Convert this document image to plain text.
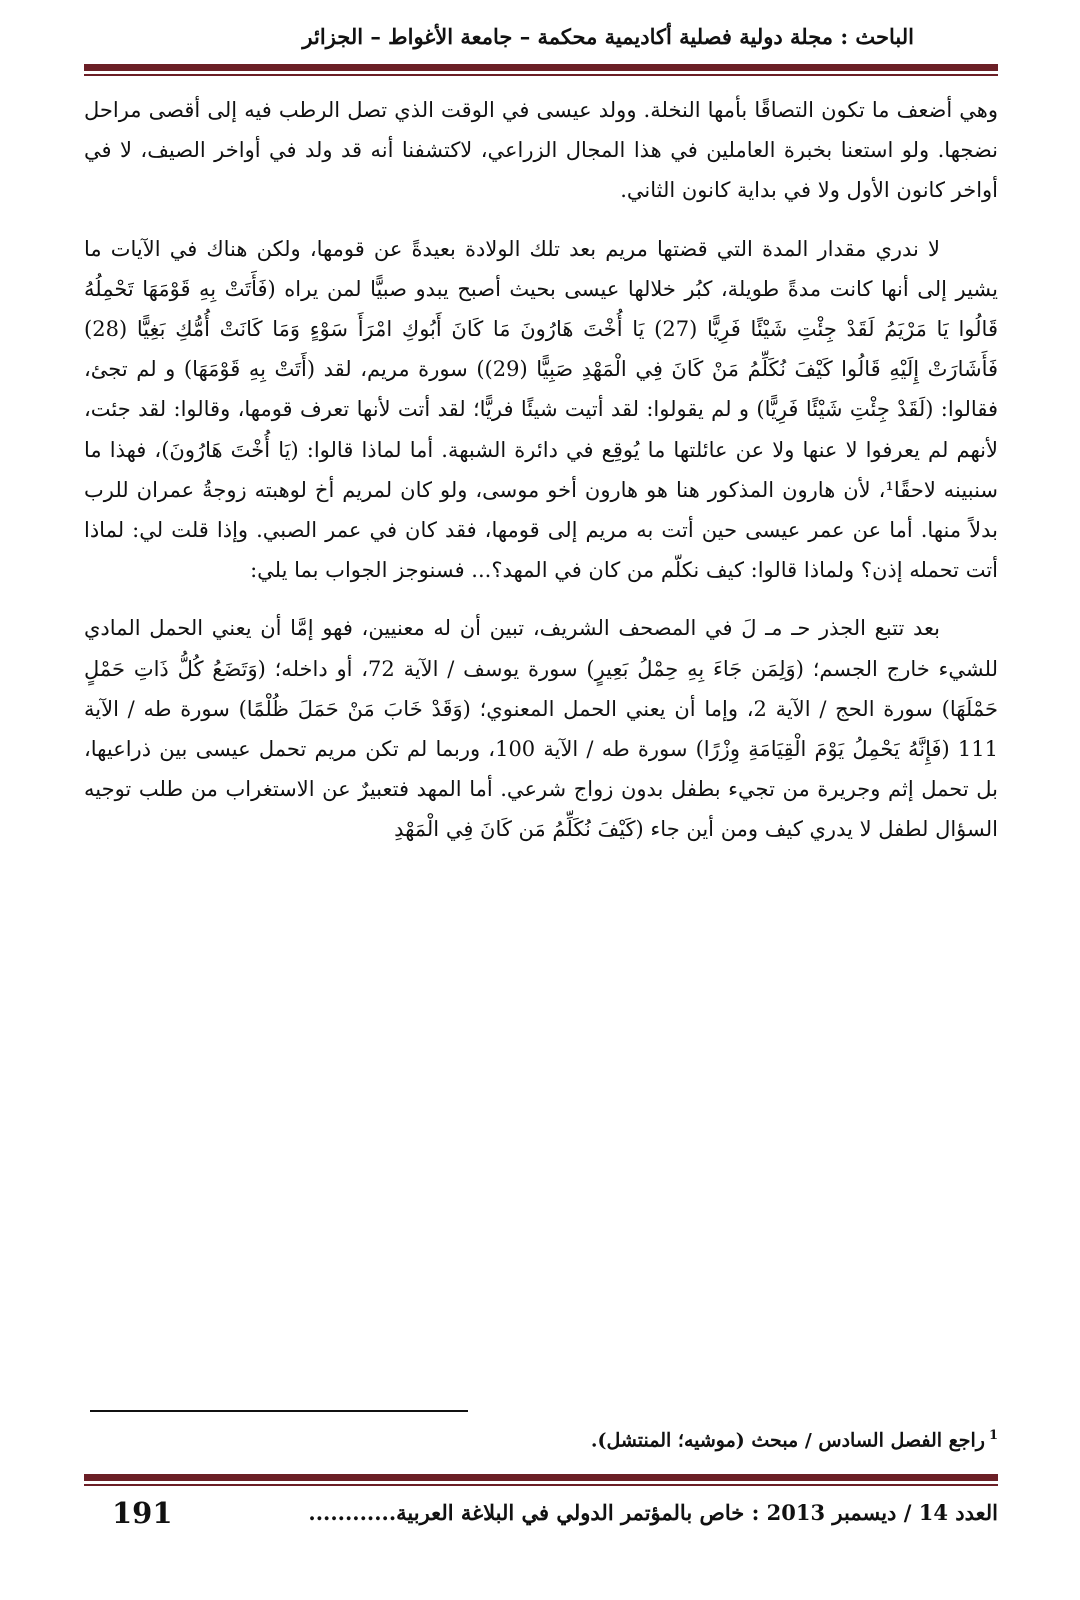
الباحث : مجلة دولية فصلية أكاديمية محكمة – جامعة الأغواط – الجزائر

وهي أضعف ما تكون التصاقًا بأمها النخلة. وولد عيسى في الوقت الذي تصل الرطب فيه إلى أقصى مراحل نضجها. ولو استعنا بخبرة العاملين في هذا المجال الزراعي، لاكتشفنا أنه قد ولد في أواخر الصيف، لا في أواخر كانون الأول ولا في بداية كانون الثاني.

لا ندري مقدار المدة التي قضتها مريم بعد تلك الولادة بعيدةً عن قومها، ولكن هناك في الآيات ما يشير إلى أنها كانت مدةً طويلة، كبُر خلالها عيسى بحيث أصبح يبدو صبيًّا لمن يراه (فَأَتَتْ بِهِ قَوْمَهَا تَحْمِلُهُ قَالُوا يَا مَرْيَمُ لَقَدْ جِئْتِ شَيْئًا فَرِيًّا (27) يَا أُخْتَ هَارُونَ مَا كَانَ أَبُوكِ امْرَأَ سَوْءٍ وَمَا كَانَتْ أُمُّكِ بَغِيًّا (28) فَأَشَارَتْ إِلَيْهِ قَالُوا كَيْفَ نُكَلِّمُ مَنْ كَانَ فِي الْمَهْدِ صَبِيًّا (29)) سورة مريم، لقد (أَتَتْ بِهِ قَوْمَهَا) و لم تجئ، فقالوا: (لَقَدْ جِئْتِ شَيْئًا فَرِيًّا) و لم يقولوا: لقد أتيت شيئًا فريًّا؛ لقد أتت لأنها تعرف قومها، وقالوا: لقد جئت، لأنهم لم يعرفوا لا عنها ولا عن عائلتها ما يُوقِع في دائرة الشبهة. أما لماذا قالوا: (يَا أُخْتَ هَارُونَ)، فهذا ما سنبينه لاحقًا¹، لأن هارون المذكور هنا هو هارون أخو موسى، ولو كان لمريم أخ لوهبته زوجةُ عمران للرب بدلاً منها. أما عن عمر عيسى حين أتت به مريم إلى قومها، فقد كان في عمر الصبي. وإذا قلت لي: لماذا أتت تحمله إذن؟ ولماذا قالوا: كيف نكلّم من كان في المهد؟... فسنوجز الجواب بما يلي:

بعد تتبع الجذر حـ مـ لَ في المصحف الشريف، تبين أن له معنيين، فهو إمَّا أن يعني الحمل المادي للشيء خارج الجسم؛ (وَلِمَن جَاءَ بِهِ حِمْلُ بَعِيرٍ) سورة يوسف / الآية 72، أو داخله؛ (وَتَضَعُ كُلُّ ذَاتِ حَمْلٍ حَمْلَهَا) سورة الحج / الآية 2، وإما أن يعني الحمل المعنوي؛ (وَقَدْ خَابَ مَنْ حَمَلَ ظُلْمًا) سورة طه / الآية 111 (فَإِنَّهُ يَحْمِلُ يَوْمَ الْقِيَامَةِ وِزْرًا) سورة طه / الآية 100، وربما لم تكن مريم تحمل عيسى بين ذراعيها، بل تحمل إثم وجريرة من تجيء بطفل بدون زواج شرعي. أما المهد فتعبيرٌ عن الاستغراب من طلب توجيه السؤال لطفل لا يدري كيف ومن أين جاء (كَيْفَ نُكَلِّمُ مَن كَانَ فِي الْمَهْدِ

$^1$راجع الفصل السادس / مبحث (موشيه؛ المنتشل).
العدد 14 / ديسمبر 2013 : خاص بالمؤتمر الدولي في البلاغة العربية............
191
